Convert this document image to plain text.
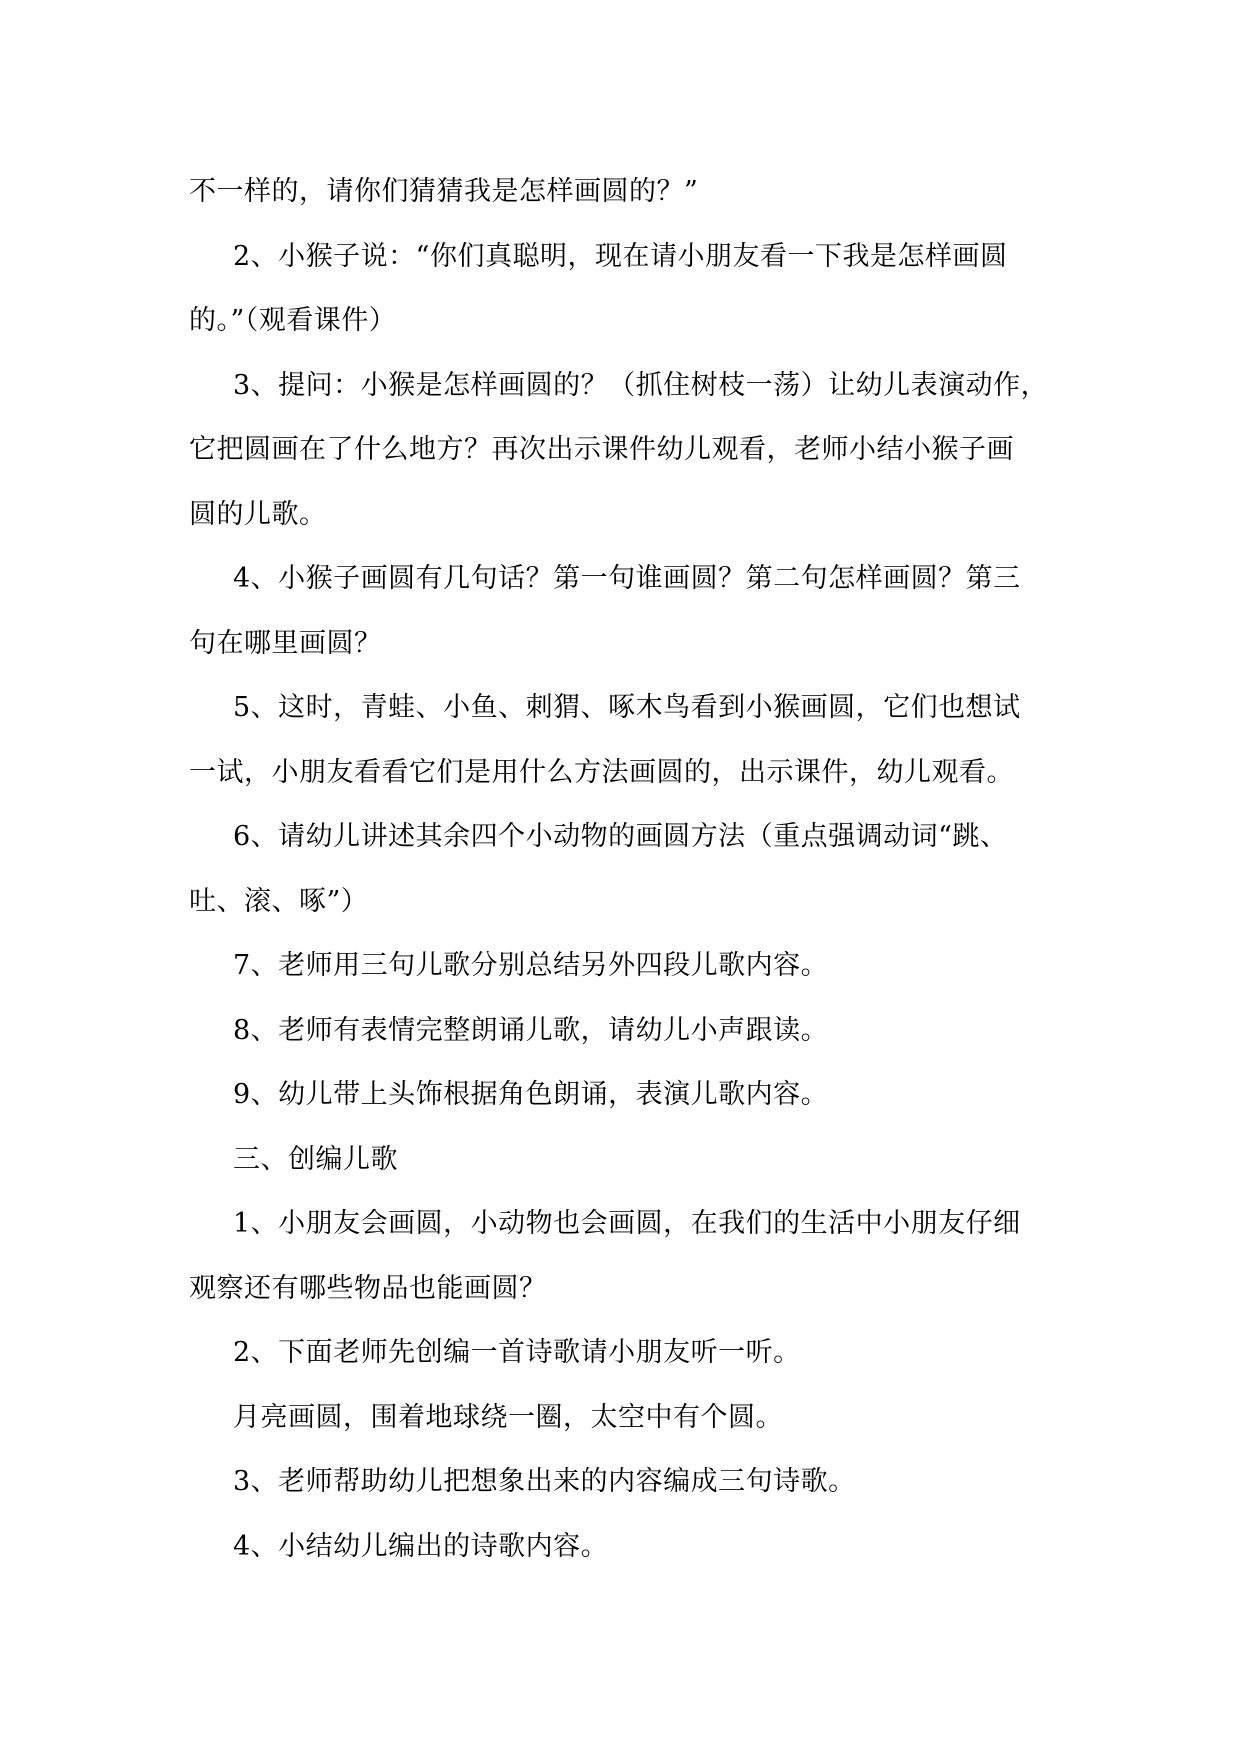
不一样的，请你们猜猜我是怎样画圆的？”
2、小猴子说：“你们真聪明，现在请小朋友看一下我是怎样画圆
的。”（观看课件）
3、提问：小猴是怎样画圆的？（抓住树枝一荡）让幼儿表演动作，
它把圆画在了什么地方？再次出示课件幼儿观看，老师小结小猴子画
圆的儿歌。
4、小猴子画圆有几句话？第一句谁画圆？第二句怎样画圆？第三
句在哪里画圆？
5、这时，青蛙、小鱼、刺猬、啄木鸟看到小猴画圆，它们也想试
一试，小朋友看看它们是用什么方法画圆的，出示课件，幼儿观看。
6、请幼儿讲述其余四个小动物的画圆方法（重点强调动词“跳、
吐、滚、啄”）
7、老师用三句儿歌分别总结另外四段儿歌内容。
8、老师有表情完整朗诵儿歌，请幼儿小声跟读。
9、幼儿带上头饰根据角色朗诵，表演儿歌内容。
三、创编儿歌
1、小朋友会画圆，小动物也会画圆，在我们的生活中小朋友仔细
观察还有哪些物品也能画圆？
2、下面老师先创编一首诗歌请小朋友听一听。
月亮画圆，围着地球绕一圈，太空中有个圆。
3、老师帮助幼儿把想象出来的内容编成三句诗歌。
4、小结幼儿编出的诗歌内容。
